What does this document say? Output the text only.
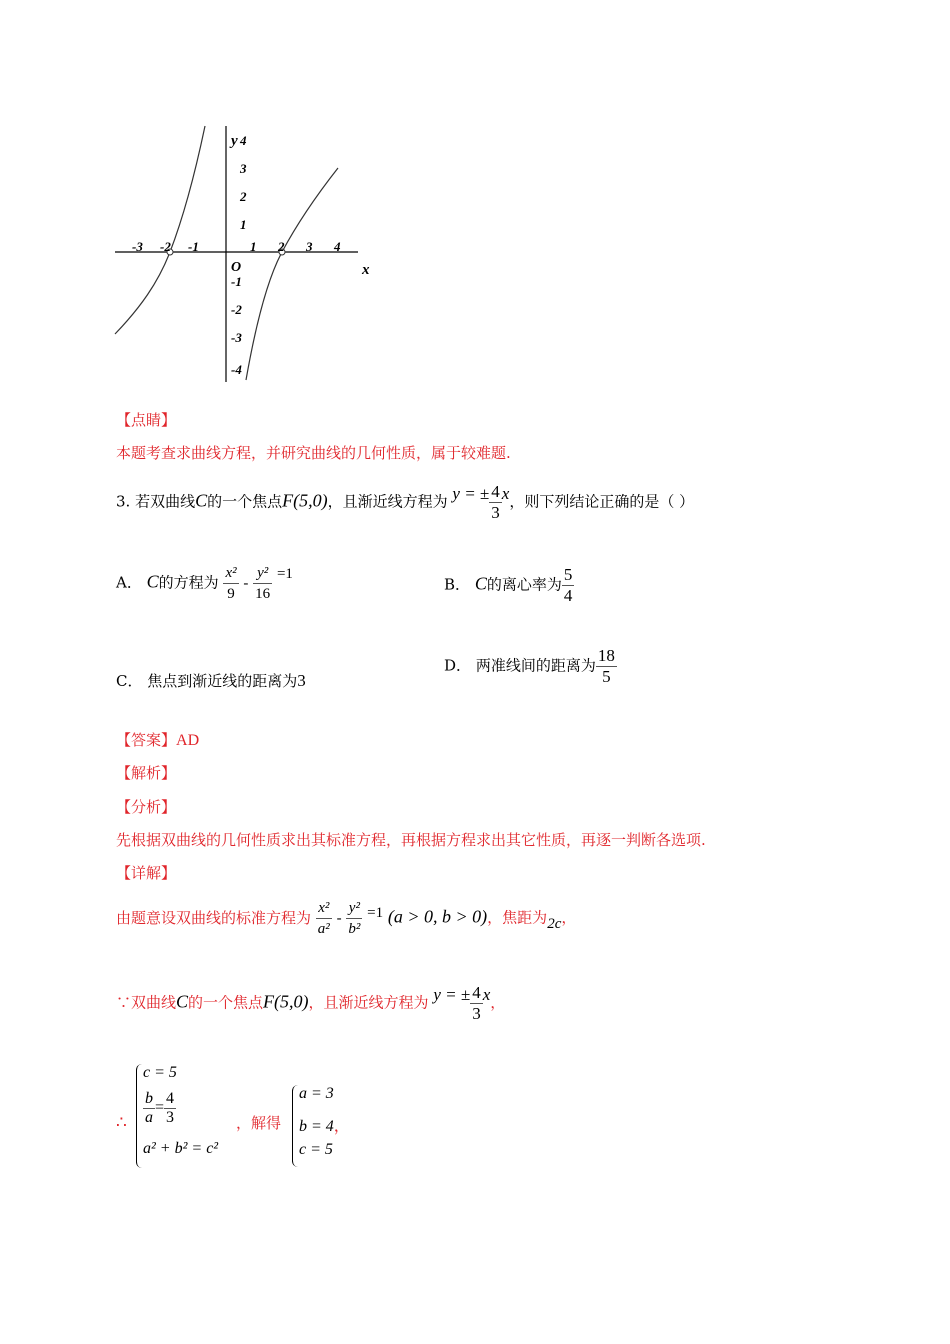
y
x
O
-3 -2 -1	1 2 3 4
4
3
2
1
-1
-2
-3
-4
【点睛】
本题考查求曲线方程，并研究曲线的几何性质，属于较难题.
3. 若双曲线C的一个焦点F(5,0)，且渐近线方程为 y = ± $\frac{4}{3}$ x，则下列结论正确的是（ ）
A． C的方程为 $\frac{\text{x²}}{9} - \frac{\text{y²}}{16} =1$
B． C的离心率为 $\frac{5}{4}$
C． 焦点到渐近线的距离为3
D． 两准线间的距离为 $\frac{18}{5}$
【答案】AD
【解析】
【分析】
先根据双曲线的几何性质求出其标准方程，再根据方程求出其它性质，再逐一判断各选项.
【详解】
由题意设双曲线的标准方程为 $\frac{\text{x²}}{\text{a²}} - \frac{\text{y²}}{\text{b²}} =1$ (a > 0, b > 0)，焦距为2c，
∵双曲线C的一个焦点F(5,0)，且渐近线方程为 y = ± $\frac{4}{3}$ x，
∴
c = 5
$\frac{b}{a} = \frac{4}{3}$
a² + b² = c²
，解得
a = 3
b = 4，
c = 5
